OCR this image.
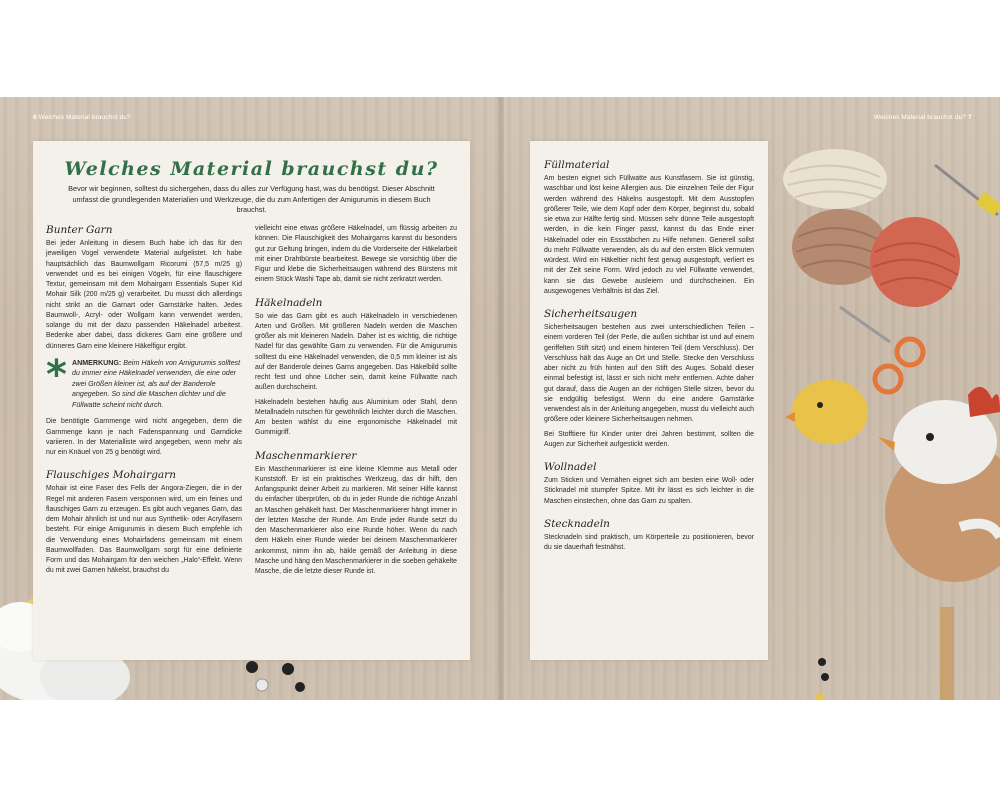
6 Welches Material brauchst du?	Welches Material brauchst du? 7
Welches Material brauchst du?
Bevor wir beginnen, solltest du sichergehen, dass du alles zur Verfügung hast, was du benötigst. Dieser Abschnitt umfasst die grundlegenden Materialien und Werkzeuge, die du zum Anfertigen der Amigurumis in diesem Buch brauchst.
Bunter Garn

Bei jeder Anleitung in diesem Buch habe ich das für den jeweiligen Vogel verwendete Material aufgelistet. Ich habe hauptsächlich das Baumwollgarn Ricorumi (57,5 m/25 g) verwendet und es bei einigen Vögeln, für eine flauschigere Textur, gemeinsam mit dem Mohairgarn Essentials Super Kid Mohair Silk (200 m/25 g) verarbeitet. Du musst dich allerdings nicht strikt an die Garnart oder Garnstärke halten. Jedes Baumwoll-, Acryl- oder Wollgarn kann verwendet werden, solange du mit der dazu passenden Häkelnadel arbeitest. Bedenke aber dabei, dass dickeres Garn eine größere und dünneres Garn eine kleinere Häkelfigur ergibt.

* ANMERKUNG: Beim Häkeln von Amigurumis solltest du immer eine Häkelnadel verwenden, die eine oder zwei Größen kleiner ist, als auf der Banderole angegeben. So sind die Maschen dichter und die Füllwatte scheint nicht durch.

Die benötigte Garnmenge wird nicht angegeben, denn die Garnmenge kann je nach Fadenspannung und Garndicke variieren. In der Materialliste wird angegeben, wenn mehr als nur ein Knäuel von 25 g benötigt wird.

Flauschiges Mohairgarn

Mohair ist eine Faser des Fells der Angora-Ziegen, die in der Regel mit anderen Fasern versponnen wird, um ein feines und flauschiges Garn zu erzeugen. Es gibt auch veganes Garn, das dem Mohair ähnlich ist und nur aus Synthetik- oder Acrylfasern besteht. Für einige Amigurumis in diesem Buch empfehle ich die Verwendung eines Mohairfadens gemeinsam mit einem Baumwollfaden. Das Baumwollgarn sorgt für eine definierte Form und das Mohairgarn für den weichen „Halo“-Effekt. Wenn du mit zwei Garnen häkelst, brauchst du

vielleicht eine etwas größere Häkelnadel, um flüssig arbeiten zu können. Die Flauschigkeit des Mohairgarns kannst du besonders gut zur Geltung bringen, indem du die Vorderseite der Häkelarbeit mit einer Drahtbürste bearbeitest. Bewege sie vorsichtig über die Figur und klebe die Sicherheitsaugen während des Bürstens mit einem Stück Washi Tape ab, damit sie nicht zerkratzt werden.

Häkelnadeln

So wie das Garn gibt es auch Häkelnadeln in verschiedenen Arten und Größen. Mit größeren Nadeln werden die Maschen größer als mit kleineren Nadeln. Daher ist es wichtig, die richtige Nadel für das gewählte Garn zu verwenden. Für die Amigurumis solltest du eine Häkelnadel verwenden, die 0,5 mm kleiner ist als auf der Banderole deines Garns angegeben. Das Häkelbild sollte recht fest und ohne Löcher sein, damit keine Füllwatte nach außen durchscheint.

Häkelnadeln bestehen häufig aus Aluminium oder Stahl, denn Metallnadeln rutschen für gewöhnlich leichter durch die Maschen. Am besten wählst du eine ergonomische Häkelnadel mit Gummigriff.

Maschenmarkierer

Ein Maschenmarkierer ist eine kleine Klemme aus Metall oder Kunststoff. Er ist ein praktisches Werkzeug, das dir hilft, den Anfangspunkt deiner Arbeit zu markieren. Mit seiner Hilfe kannst du einfacher überprüfen, ob du in jeder Runde die richtige Anzahl an Maschen gehäkelt hast. Der Maschenmarkierer hängt immer in der letzten Masche der Runde. Am Ende jeder Runde setzt du den Maschenmarkierer also eine Runde höher. Wenn du nach dem Häkeln einer Runde wieder bei deinem Maschenmarkierer ankommst, nimm ihn ab, häkle gemäß der Anleitung in diese Masche und häng den Maschenmarkierer in die soeben gehäkelte Masche, die die letzte dieser Runde ist.

Füllmaterial

Am besten eignet sich Füllwatte aus Kunstfasern. Sie ist günstig, waschbar und löst keine Allergien aus. Die einzelnen Teile der Figur werden während des Häkelns ausgestopft. Mit dem Ausstopfen größerer Teile, wie dem Kopf oder dem Körper, beginnst du, sobald sie etwa zur Hälfte fertig sind. Müssen sehr dünne Teile ausgestopft werden, in die kein Finger passt, kannst du das Ende einer Häkelnadel oder ein Essstäbchen zu Hilfe nehmen. Generell sollst du mehr Füllwatte verwenden, als du auf den ersten Blick vermuten würdest. Wird ein Häkeltier nicht fest genug ausgestopft, verliert es mit der Zeit seine Form. Wird jedoch zu viel Füllwatte verwendet, kann sie das Gewebe ausleiern und durchscheinen. Ein ausgewogenes Verhältnis ist das Ziel.

Sicherheitsaugen

Sicherheitsaugen bestehen aus zwei unterschiedlichen Teilen – einem vorderen Teil (der Perle, die außen sichtbar ist und auf einem geriffelten Stift sitzt) und einem hinteren Teil (dem Verschluss). Der Verschluss hält das Auge an Ort und Stelle. Stecke den Verschluss aber nicht zu früh hinten auf den Stift des Auges. Sobald dieser einmal befestigt ist, lässt er sich nicht mehr entfernen. Achte daher gut darauf, dass die Augen an der richtigen Stelle sitzen, bevor du sie endgültig befestigst. Wenn du eine andere Garnstärke verwendest als in der Anleitung angegeben, musst du vielleicht auch größere oder kleinere Sicherheitsaugen nehmen.

Bei Stofftiere für Kinder unter drei Jahren bestimmt, sollten die Augen zur Sicherheit aufgestickt werden.

Wollnadel

Zum Sticken und Vernähen eignet sich am besten eine Woll- oder Sticknadel mit stumpfer Spitze. Mit ihr lässt es sich leichter in die Maschen einstechen, ohne das Garn zu spalten.

Stecknadeln

Stecknadeln sind praktisch, um Körperteile zu positionieren, bevor du sie dauerhaft festnähst.
